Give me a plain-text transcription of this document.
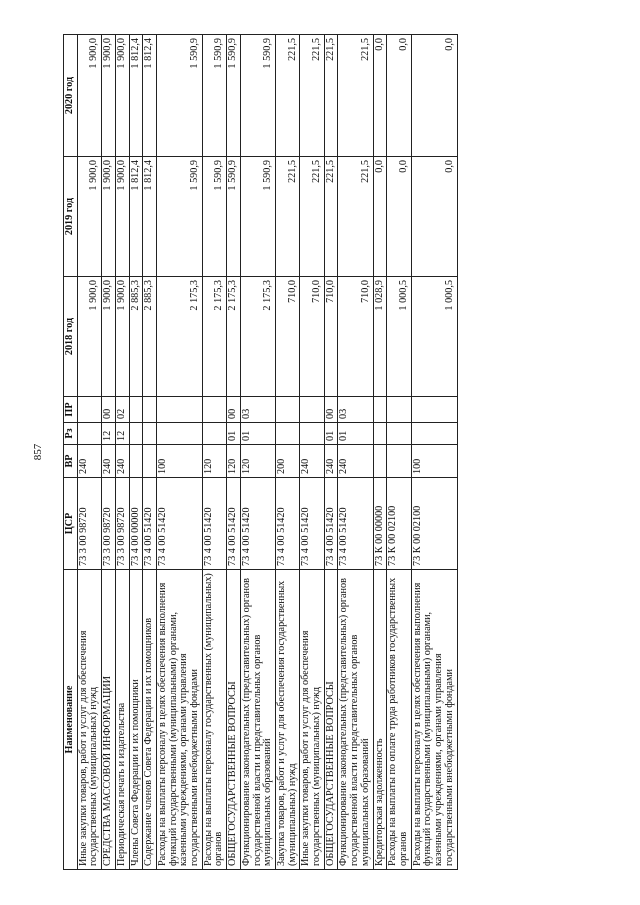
857
Наименование	ЦСР	ВР	Рз	ПР	2018 год	2019 год	2020 год
Иные закупки товаров, работ и услуг для обеспечения государственных (муниципальных) нужд	73 3 00 98720	240			1 900,0	1 900,0	1 900,0
СРЕДСТВА МАССОВОЙ ИНФОРМАЦИИ	73 3 00 98720	240	12	00	1 900,0	1 900,0	1 900,0
Периодическая печать и издательства	73 3 00 98720	240	12	02	1 900,0	1 900,0	1 900,0
Члены Совета Федерации и их помощники	73 4 00 00000				2 885,3	1 812,4	1 812,4
Содержание членов Совета Федерации и их помощников	73 4 00 51420				2 885,3	1 812,4	1 812,4
Расходы на выплаты персоналу в целях обеспечения выполнения функций государственными (муниципальными) органами, казенными учреждениями, органами управления государственными внебюджетными фондами	73 4 00 51420	100			2 175,3	1 590,9	1 590,9
Расходы на выплаты персоналу государственных (муниципальных) органов	73 4 00 51420	120			2 175,3	1 590,9	1 590,9
ОБЩЕГОСУДАРСТВЕННЫЕ ВОПРОСЫ	73 4 00 51420	120	01	00	2 175,3	1 590,9	1 590,9
Функционирование законодательных (представительных) органов государственной власти и представительных органов муниципальных образований	73 4 00 51420	120	01	03	2 175,3	1 590,9	1 590,9
Закупка товаров, работ и услуг для обеспечения государственных (муниципальных) нужд	73 4 00 51420	200			710,0	221,5	221,5
Иные закупки товаров, работ и услуг для обеспечения государственных (муниципальных) нужд	73 4 00 51420	240			710,0	221,5	221,5
ОБЩЕГОСУДАРСТВЕННЫЕ ВОПРОСЫ	73 4 00 51420	240	01	00	710,0	221,5	221,5
Функционирование законодательных (представительных) органов государственной власти и представительных органов муниципальных образований	73 4 00 51420	240	01	03	710,0	221,5	221,5
Кредиторская задолженность	73 К 00 00000				1 028,9	0,0	0,0
Расходы на выплаты по оплате труда работников государственных органов	73 К 00 02100				1 000,5	0,0	0,0
Расходы на выплаты персоналу в целях обеспечения выполнения функций государственными (муниципальными) органами, казенными учреждениями, органами управления государственными внебюджетными фондами	73 К 00 02100	100			1 000,5	0,0	0,0
